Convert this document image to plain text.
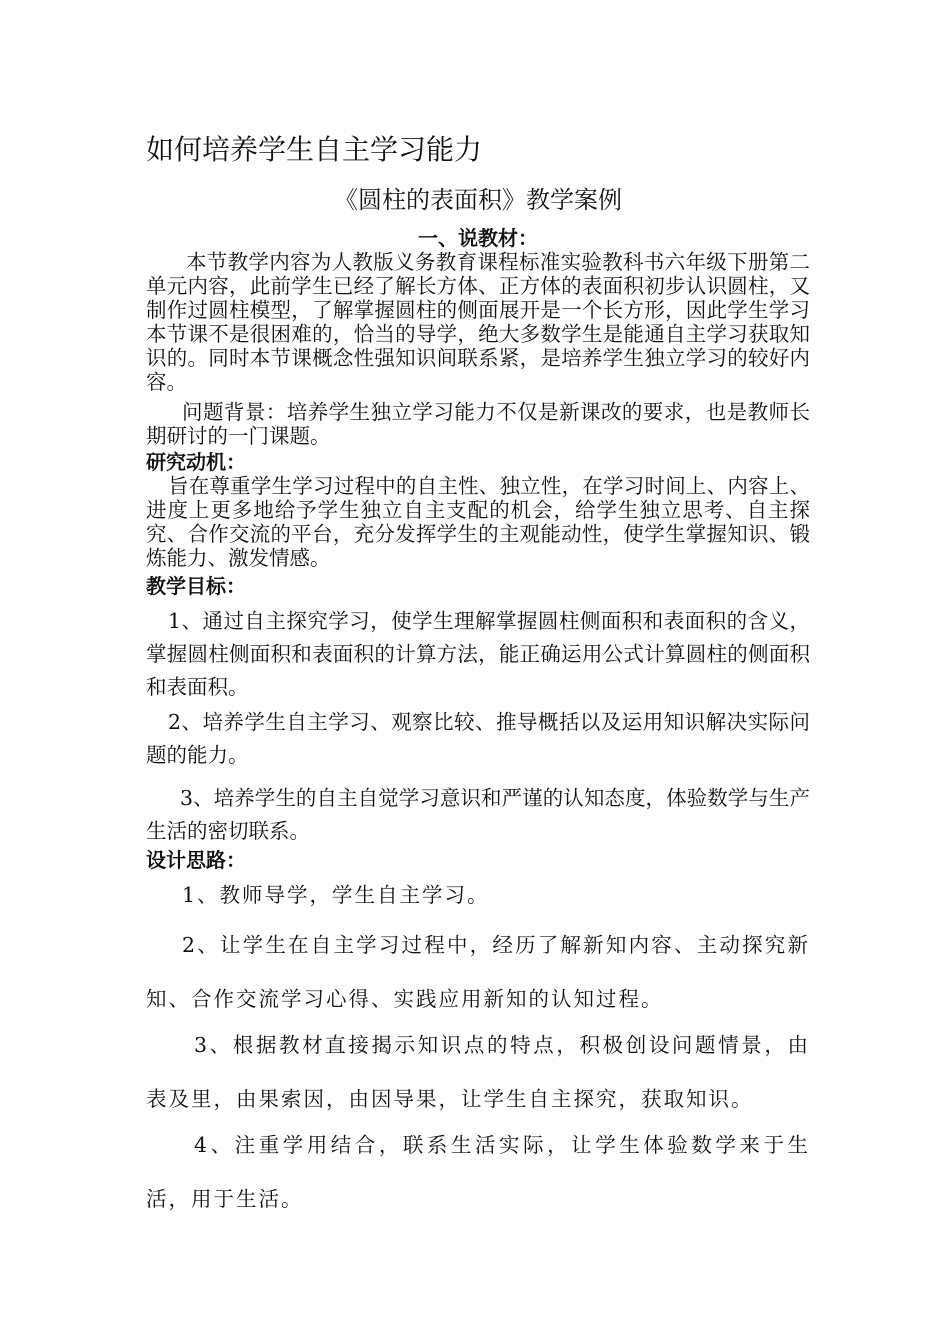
如何培养学生自主学习能力
《圆柱的表面积》教学案例
一、说教材：
本节教学内容为人教版义务教育课程标准实验教科书六年级下册第二单元内容，此前学生已经了解长方体、正方体的表面积初步认识圆柱，又制作过圆柱模型，了解掌握圆柱的侧面展开是一个长方形，因此学生学习本节课不是很困难的，恰当的导学，绝大多数学生是能通自主学习获取知识的。同时本节课概念性强知识间联系紧，是培养学生独立学习的较好内容。
问题背景：培养学生独立学习能力不仅是新课改的要求，也是教师长期研讨的一门课题。
研究动机：
旨在尊重学生学习过程中的自主性、独立性，在学习时间上、内容上、进度上更多地给予学生独立自主支配的机会，给学生独立思考、自主探究、合作交流的平台，充分发挥学生的主观能动性，使学生掌握知识、锻炼能力、激发情感。
教学目标：
1、通过自主探究学习，使学生理解掌握圆柱侧面积和表面积的含义，掌握圆柱侧面积和表面积的计算方法，能正确运用公式计算圆柱的侧面积和表面积。
2、培养学生自主学习、观察比较、推导概括以及运用知识解决实际问题的能力。
3、培养学生的自主自觉学习意识和严谨的认知态度，体验数学与生产生活的密切联系。
设计思路：
1、教师导学，学生自主学习。
2、让学生在自主学习过程中，经历了解新知内容、主动探究新知、合作交流学习心得、实践应用新知的认知过程。
3、根据教材直接揭示知识点的特点，积极创设问题情景，由表及里，由果索因，由因导果，让学生自主探究，获取知识。
4、注重学用结合，联系生活实际，让学生体验数学来于生活，用于生活。
